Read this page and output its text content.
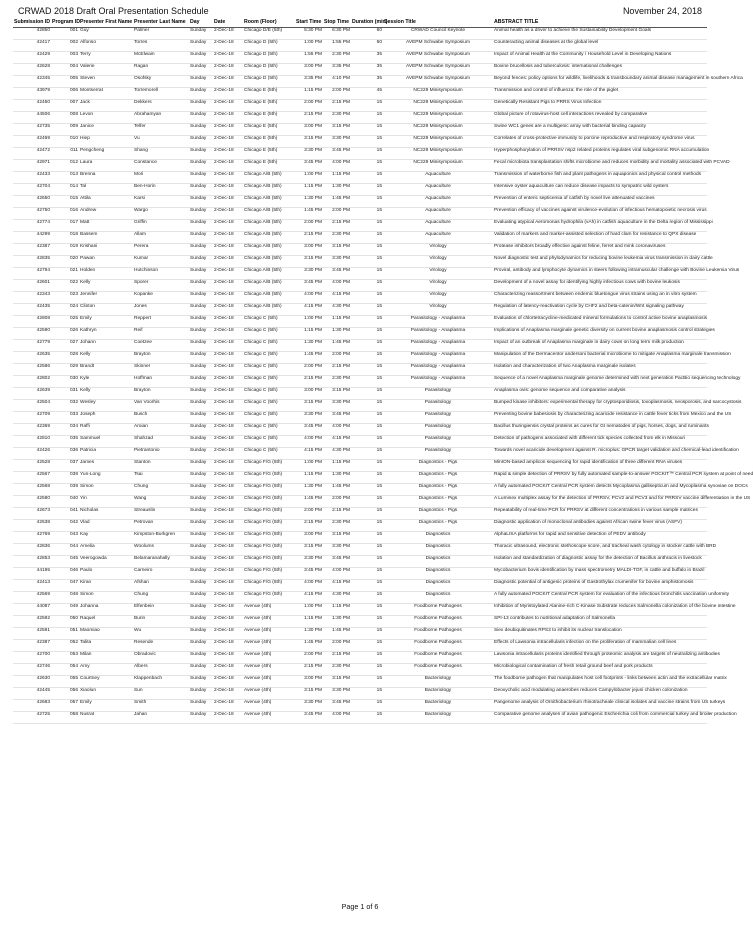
CRWAD 2018 Draft Oral Presentation Schedule	November 24, 2018
Submission ID	Program ID	Presenter First Name	Presenter Last Name	Day	Date	Room (Floor)	Start Time	Stop Time	Duration (min)	Session Title	ABSTRACT TITLE
42850	001	Guy	Palmer	Sunday	2-Dec-18	Chicago D/E (5th)	5:30 PM	6:30 PM	60	CRWAD Council Keynote	Animal health as a driver to achieve the Sustainability Development Goals
42417	002	Alfonso	Torres	Sunday	2-Dec-18	Chicago D (5th)	1:00 PM	1:55 PM	50	AVEPM Schwabe Symposium	Counteracting animal diseases at the global level
42429	003	Terry	McElwain	Sunday	2-Dec-18	Chicago D (5th)	1:55 PM	2:30 PM	35	AVEPM Schwabe Symposium	Impact of Animal Health at the Community / Household Level in Developing Nations
42628	004	Valerie	Ragan	Sunday	2-Dec-18	Chicago D (5th)	3:00 PM	3:35 PM	35	AVEPM Schwabe Symposium	Bovine brucellosis and tuberculosis: international challenges
42345	005	Steven	Osofsky	Sunday	2-Dec-18	Chicago D (5th)	3:35 PM	4:10 PM	35	AVEPM Schwabe Symposium	Beyond fences: policy options for wildlife, livelihoods & transboundary animal disease management in southern Africa
43979	006	Montserrat	Torremorell	Sunday	2-Dec-18	Chicago E (5th)	1:15 PM	2:00 PM	45	NC229 Minisymposium	Transmission and control of influenza: the role of the piglet
42450	007	Jack	Dekkers	Sunday	2-Dec-18	Chicago E (5th)	2:00 PM	2:15 PM	15	NC229 Minisymposium	Genetically Resistant Pigs to PRRS Virus Infection
44506	008	Levon	Abrahamyan	Sunday	2-Dec-18	Chicago E (5th)	2:15 PM	2:30 PM	15	NC229 Minisymposium	Global picture of rotavirus-host cell interactions revealed by comparative
42735	009	Janice	Telfer	Sunday	2-Dec-18	Chicago E (5th)	3:00 PM	3:15 PM	15	NC229 Minisymposium	Swine WC1 genes are a multigenic array with bacterial binding capacity
42469	010	Hiep	Vu	Sunday	2-Dec-18	Chicago E (5th)	3:15 PM	3:30 PM	15	NC229 Minisymposium	Correlates of cross-protective immunity to porcine reproductive and respiratory syndrome virus
42472	011	Pengcheng	Shang	Sunday	2-Dec-18	Chicago E (5th)	3:30 PM	3:45 PM	15	NC229 Minisymposium	Hyperphosphorylation of PRRSV nsp2 related proteins regulates viral subgenomic RNA accumulation
42971	012	Laura	Constance	Sunday	2-Dec-18	Chicago E (5th)	3:45 PM	4:00 PM	15	NC229 Minisymposium	Fecal microbiota transplantation shifts microbiome and reduces morbidity and mortality associated with PCVAD
42433	013	Brenna	Mori	Sunday	2-Dec-18	Chicago A/B (5th)	1:00 PM	1:15 PM	15	Aquaculture	Transmission of waterborne fish and plant pathogens in aquaponics and physical control methods
42704	014	Tal	Ben-Horin	Sunday	2-Dec-18	Chicago A/B (5th)	1:15 PM	1:30 PM	15	Aquaculture	Intensive oyster aquaculture can reduce disease impacts to sympatric wild oysters
42650	015	Attila	Karsi	Sunday	2-Dec-18	Chicago A/B (5th)	1:30 PM	1:45 PM	15	Aquaculture	Prevention of enteric septicemia of catfish by novel live attenuated vaccines
42750	016	Andrew	Wargo	Sunday	2-Dec-18	Chicago A/B (5th)	1:45 PM	2:00 PM	15	Aquaculture	Prevention efficacy of vaccines against virulence-evolution of infectious hematopoietic necrosis virus
42774	017	Matt	Griffin	Sunday	2-Dec-18	Chicago A/B (5th)	2:00 PM	2:15 PM	15	Aquaculture	Evaluating atypical Aeromonas hydrophila (vAh) in catfish aquaculture in the Delta region of Mississippi
44299	018	Bassem	Allam	Sunday	2-Dec-18	Chicago A/B (5th)	2:15 PM	2:30 PM	15	Aquaculture	Validation of markers and marker-assisted selection of hard clam for resistance to QPX disease
42387	019	Krishani	Perera	Sunday	2-Dec-18	Chicago A/B (5th)	3:00 PM	3:15 PM	15	Virology	Protease inhibitors broadly effective against feline, ferret and mink coronaviruses
42835	020	Pawan	Kumar	Sunday	2-Dec-18	Chicago A/B (5th)	3:15 PM	3:30 PM	15	Virology	Novel diagnostic test and phylodynamics for reducing bovine leukemia virus transmission in dairy cattle
42794	021	Holden	Hutchinson	Sunday	2-Dec-18	Chicago A/B (5th)	3:30 PM	3:45 PM	15	Virology	Proviral, antibody and lymphocyte dynamics in steers following intramuscular challenge with Bovine Leukemia Virus
42601	022	Kelly	Sporer	Sunday	2-Dec-18	Chicago A/B (5th)	3:45 PM	4:00 PM	15	Virology	Development of a novel assay for identifying highly infectious cows with bovine leukosis
42343	023	Jennifer	Kopanke	Sunday	2-Dec-18	Chicago A/B (5th)	4:00 PM	4:15 PM	15	Virology	Characterizing reassortment between endemic bluetongue virus strains using an in vitro system
42435	024	Clinton	Jones	Sunday	2-Dec-18	Chicago A/B (5th)	4:15 PM	4:30 PM	15	Virology	Regulation of latency-reactivation cycle by CHF2 and beta-catenin/Wnt signaling pathway
42808	025	Emily	Reppert	Sunday	2-Dec-18	Chicago C (5th)	1:00 PM	1:15 PM	15	Parasitology - Anaplasma	Evaluation of chlortetracycline-medicated mineral formulations to control active bovine anaplasmosis
42590	026	Kathryn	Reif	Sunday	2-Dec-18	Chicago C (5th)	1:15 PM	1:30 PM	15	Parasitology - Anaplasma	Implications of Anaplasma marginale genetic diversity on current bovine anaplasmosis control strategies
42779	027	Johann	Coetzee	Sunday	2-Dec-18	Chicago C (5th)	1:30 PM	1:45 PM	15	Parasitology - Anaplasma	Impact of an outbreak of Anaplasma marginale in dairy cows on long term milk production
42635	028	Kelly	Brayton	Sunday	2-Dec-18	Chicago C (5th)	1:45 PM	2:00 PM	15	Parasitology - Anaplasma	Manipulation of the Dermacentor andersoni bacterial microbiome to mitigate Anaplasma marginale transmission
42586	029	Brandt	Skinner	Sunday	2-Dec-18	Chicago C (5th)	2:00 PM	2:15 PM	15	Parasitology - Anaplasma	Isolation and characterization of two Anaplasma marginale isolates
42802	030	Kyle	Hoffman	Sunday	2-Dec-18	Chicago C (5th)	2:15 PM	2:30 PM	15	Parasitology - Anaplasma	Sequence of a novel Anaplasma marginale genome determined with next generation PacBio sequencing technology
42639	031	Kelly	Brayton	Sunday	2-Dec-18	Chicago C (5th)	3:00 PM	3:15 PM	15	Parasitology	Anaplasma ovis: genome sequence and comparative analysis
42504	032	Wesley	Van Voorhis	Sunday	2-Dec-18	Chicago C (5th)	3:15 PM	3:30 PM	15	Parasitology	Bumped kinase inhibitors: experimental therapy for cryptosporidiosis, toxoplasmosis, neosporosis, and sarcocystosis
42709	033	Joseph	Busch	Sunday	2-Dec-18	Chicago C (5th)	3:30 PM	3:45 PM	15	Parasitology	Preventing bovine babesiosis by characterizing acaricide resistance in cattle fever ticks from Mexico and the US
42369	034	Raffi	Aroian	Sunday	2-Dec-18	Chicago C (5th)	3:45 PM	4:00 PM	15	Parasitology	Bacillus thuringiensis crystal proteins as cures for GI nematodes of pigs, horses, dogs, and ruminants
42810	035	Sammuel	Shahzad	Sunday	2-Dec-18	Chicago C (5th)	4:00 PM	4:15 PM	15	Parasitology	Detection of pathogens associated with different tick species collected from elk in Missouri
42426	036	Patricia	Pietrantonio	Sunday	2-Dec-18	Chicago C (5th)	4:15 PM	4:30 PM	15	Parasitology	Towards novel acaricide development against R. microplus: GPCR target validation and chemical-lead identification
42528	037	James	Stanton	Sunday	2-Dec-18	Chicago F/G (5th)	1:00 PM	1:15 PM	15	Diagnostics - Pigs	MinION-based amplicon sequencing for rapid identification of three different RNA viruses
42567	038	Yun-Long	Tsai	Sunday	2-Dec-18	Chicago F/G (5th)	1:15 PM	1:30 PM	15	Diagnostics - Pigs	Rapid & simple detection of PRRSV by fully automated sample-to-answer POCKIT™ Central PCR system at point of need
42568	039	Simon	Chung	Sunday	2-Dec-18	Chicago F/G (5th)	1:30 PM	1:45 PM	15	Diagnostics - Pigs	A fully automated POCKIT Central PCR system detects Mycoplasma gallisepticum and Mycoplasma synoviae on DOCs
42580	040	Yin	Wang	Sunday	2-Dec-18	Chicago F/G (5th)	1:45 PM	2:00 PM	15	Diagnostics - Pigs	A Luminex multiplex assay for the detection of PRRSV, PCV2 and PCV3 and for PRRSV vaccine differentiation in the US
42673	041	Nicholas	Streauslin	Sunday	2-Dec-18	Chicago F/G (5th)	2:00 PM	2:15 PM	15	Diagnostics - Pigs	Repeatability of real-time PCR for PRRSV at different concentrations in various sample matrices
42538	042	Vlad	Petrovan	Sunday	2-Dec-18	Chicago F/G (5th)	2:15 PM	2:30 PM	15	Diagnostics - Pigs	Diagnostic application of monoclonal antibodies against African swine fever virus (ASFV)
42769	043	Kay	Kimpston-Burkgren	Sunday	2-Dec-18	Chicago F/G (5th)	3:00 PM	3:15 PM	15	Diagnostics	AlphaLISA platforms for rapid and sensitive detection of PEDV antibody
42836	044	Amelia	Woolums	Sunday	2-Dec-18	Chicago F/G (5th)	3:15 PM	3:30 PM	15	Diagnostics	Thoracic ultrasound, electronic stethoscope score, and tracheal wash cytology in stocker cattle with BRD
42853	045	Veerogowda	Belamaranahally	Sunday	2-Dec-18	Chicago F/G (5th)	3:30 PM	3:45 PM	15	Diagnostics	Isolation and standardization of diagnostic assay for the detection of Bacillus anthracis in livestock
44195	046	Paulo	Carneiro	Sunday	2-Dec-18	Chicago F/G (5th)	3:45 PM	4:00 PM	15	Diagnostics	Mycobacterium bovis identification by mass spectrometry MALDI-TOF, in cattle and buffalo in Brazil
42413	047	Kiran	Afshan	Sunday	2-Dec-18	Chicago F/G (5th)	4:00 PM	4:15 PM	15	Diagnostics	Diagnostic potential of antigenic proteins of Gastrothylax crumenifer for bovine amphistomosis
42569	048	Simon	Chung	Sunday	2-Dec-18	Chicago F/G (5th)	4:15 PM	4:30 PM	15	Diagnostics	A fully automated POCKIT Central PCR system for evaluation of the infectious bronchitis vaccination uniformity
44087	049	Johanna	Elfenbein	Sunday	2-Dec-18	Avenue (4th)	1:00 PM	1:15 PM	15	Foodborne Pathogens	Inhibition of Myristoylated Alanine-rich C-Kinase Substrate reduces Salmonella colonization of the bovine intestine
42592	050	Raquel	Burin	Sunday	2-Dec-18	Avenue (4th)	1:15 PM	1:30 PM	15	Foodborne Pathogens	SPI-13 contributes to nutritional adaptation of Salmonella
42591	051	Maomiao	Wu	Sunday	2-Dec-18	Avenue (4th)	1:30 PM	1:45 PM	15	Foodborne Pathogens	Siex deubiquitinates RPS3 to inhibit its nuclear translocation
42387	052	Talita	Resende	Sunday	2-Dec-18	Avenue (4th)	1:45 PM	2:00 PM	15	Foodborne Pathogens	Effects of Lawsonia intracellularis infection on the proliferation of mammalian cell lines
42700	053	Milan	Obradovic	Sunday	2-Dec-18	Avenue (4th)	2:00 PM	2:15 PM	15	Foodborne Pathogens	Lawsonia intracellularis proteins identified through proteomic analysis are targets of neutralizing antibodies
42746	054	Amy	Albers	Sunday	2-Dec-18	Avenue (4th)	2:15 PM	2:30 PM	15	Foodborne Pathogens	Microbiological contamination of fresh retail ground beef and pork products
42630	055	Courtney	Klappenbach	Sunday	2-Dec-18	Avenue (4th)	3:00 PM	3:15 PM	15	Bacteriology	The foodborne pathogen that manipulates host cell footprints - links between actin and the extracellular matrix
42445	056	Xiaolun	Sun	Sunday	2-Dec-18	Avenue (4th)	3:15 PM	3:30 PM	15	Bacteriology	Deoxycholic acid modulating anaerobes reduces Campylobacter jejuni chicken colonization
42683	057	Emily	Smith	Sunday	2-Dec-18	Avenue (4th)	3:30 PM	3:45 PM	15	Bacteriology	Pangenome analysis of Ornithobacterium rhinotracheale clinical isolates and vaccine strains from US turkeys
42725	058	Nusrat	Jahan	Sunday	2-Dec-18	Avenue (4th)	3:45 PM	4:00 PM	15	Bacteriology	Comparative genome analyses of avian pathogenic Escherichia coli from commercial turkey and broiler production
Page 1 of 6
